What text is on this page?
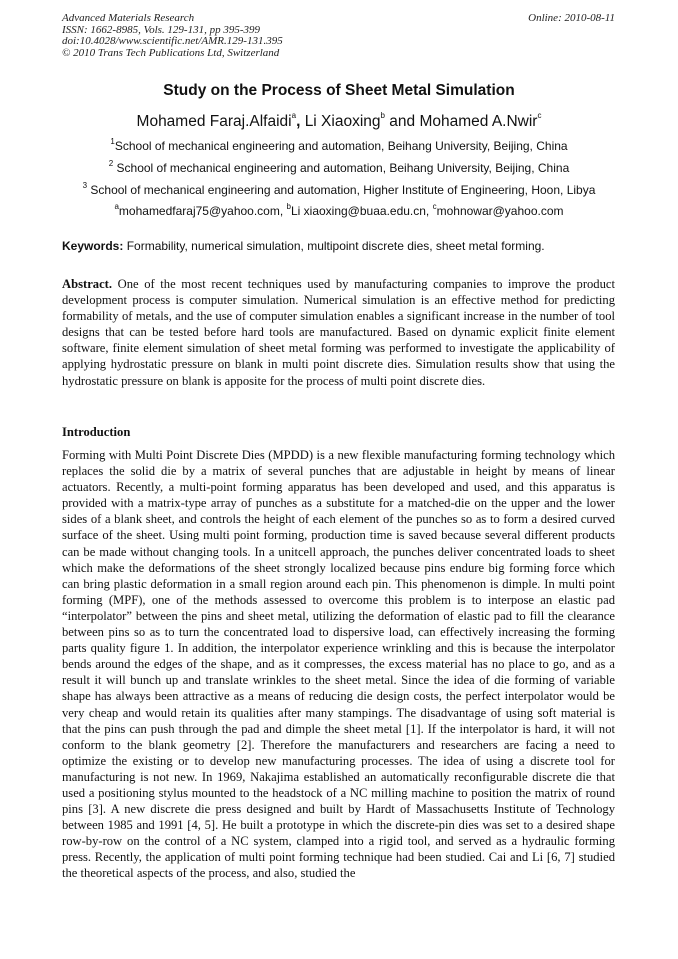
Advanced Materials Research
ISSN: 1662-8985, Vols. 129-131, pp 395-399
doi:10.4028/www.scientific.net/AMR.129-131.395
© 2010 Trans Tech Publications Ltd, Switzerland
Online: 2010-08-11
Study on the Process of Sheet Metal Simulation
Mohamed Faraj.Alfaidi$^a$, Li Xiaoxing$^b$ and Mohamed A.Nwir$^c$
$^1$School of mechanical engineering and automation, Beihang University, Beijing, China
$^2$ School of mechanical engineering and automation, Beihang University, Beijing, China
$^3$ School of mechanical engineering and automation, Higher Institute of Engineering, Hoon, Libya
$^a$mohamedfaraj75@yahoo.com, $^b$Li xiaoxing@buaa.edu.cn, $^c$mohnowar@yahoo.com
Keywords: Formability, numerical simulation, multipoint discrete dies, sheet metal forming.
Abstract. One of the most recent techniques used by manufacturing companies to improve the product development process is computer simulation. Numerical simulation is an effective method for predicting formability of metals, and the use of computer simulation enables a significant increase in the number of tool designs that can be tested before hard tools are manufactured. Based on dynamic explicit finite element software, finite element simulation of sheet metal forming was performed to investigate the applicability of applying hydrostatic pressure on blank in multi point discrete dies. Simulation results show that using the hydrostatic pressure on blank is apposite for the process of multi point discrete dies.
Introduction
Forming with Multi Point Discrete Dies (MPDD) is a new flexible manufacturing forming technology which replaces the solid die by a matrix of several punches that are adjustable in height by means of linear actuators. Recently, a multi-point forming apparatus has been developed and used, and this apparatus is provided with a matrix-type array of punches as a substitute for a matched-die on the upper and the lower sides of a blank sheet, and controls the height of each element of the punches so as to form a desired curved surface of the sheet. Using multi point forming, production time is saved because several different products can be made without changing tools. In a unitcell approach, the punches deliver concentrated loads to sheet which make the deformations of the sheet strongly localized because pins endure big forming force which can bring plastic deformation in a small region around each pin. This phenomenon is dimple. In multi point forming (MPF), one of the methods assessed to overcome this problem is to interpose an elastic pad “interpolator” between the pins and sheet metal, utilizing the deformation of elastic pad to fill the clearance between pins so as to turn the concentrated load to dispersive load, can effectively increasing the forming parts quality figure 1. In addition, the interpolator experience wrinkling and this is because the interpolator bends around the edges of the shape, and as it compresses, the excess material has no place to go, and as a result it will bunch up and translate wrinkles to the sheet metal. Since the idea of die forming of variable shape has always been attractive as a means of reducing die design costs, the perfect interpolator would be very cheap and would retain its qualities after many stampings. The disadvantage of using soft material is that the pins can push through the pad and dimple the sheet metal [1]. If the interpolator is hard, it will not conform to the blank geometry [2]. Therefore the manufacturers and researchers are facing a need to optimize the existing or to develop new manufacturing processes. The idea of using a discrete tool for manufacturing is not new. In 1969, Nakajima established an automatically reconfigurable discrete die that used a positioning stylus mounted to the headstock of a NC milling machine to position the matrix of round pins [3]. A new discrete die press designed and built by Hardt of Massachusetts Institute of Technology between 1985 and 1991 [4, 5]. He built a prototype in which the discrete-pin dies was set to a desired shape row-by-row on the control of a NC system, clamped into a rigid tool, and served as a hydraulic forming press. Recently, the application of multi point forming technique had been studied. Cai and Li [6, 7] studied the theoretical aspects of the process, and also, studied the
